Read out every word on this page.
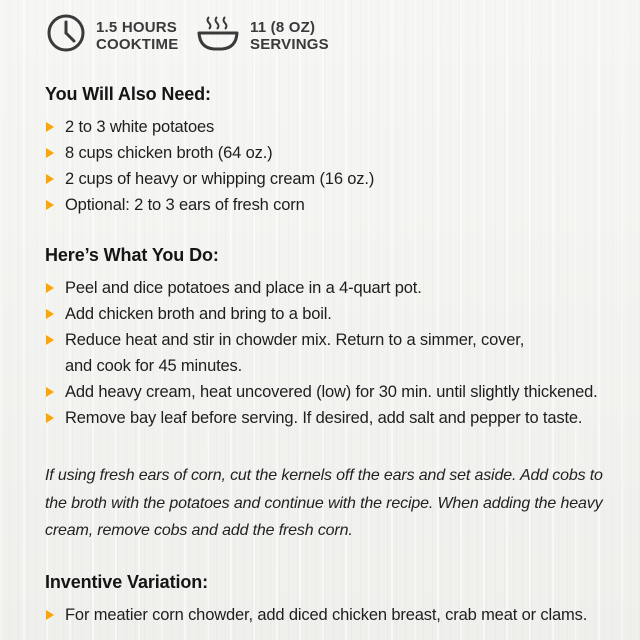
1.5 HOURS
COOKTIME
11 (8 OZ)
SERVINGS
You Will Also Need:
2 to 3 white potatoes
8 cups chicken broth (64 oz.)
2 cups of heavy or whipping cream (16 oz.)
Optional: 2 to 3 ears of fresh corn
Here’s What You Do:
Peel and dice potatoes and place in a 4-quart pot.
Add chicken broth and bring to a boil.
Reduce heat and stir in chowder mix. Return to a simmer, cover, and cook for 45 minutes.
Add heavy cream, heat uncovered (low) for 30 min. until slightly thickened.
Remove bay leaf before serving. If desired, add salt and pepper to taste.

If using fresh ears of corn, cut the kernels off the ears and set aside. Add cobs to the broth with the potatoes and continue with the recipe. When adding the heavy cream, remove cobs and add the fresh corn.

Inventive Variation:
For meatier corn chowder, add diced chicken breast, crab meat or clams.
